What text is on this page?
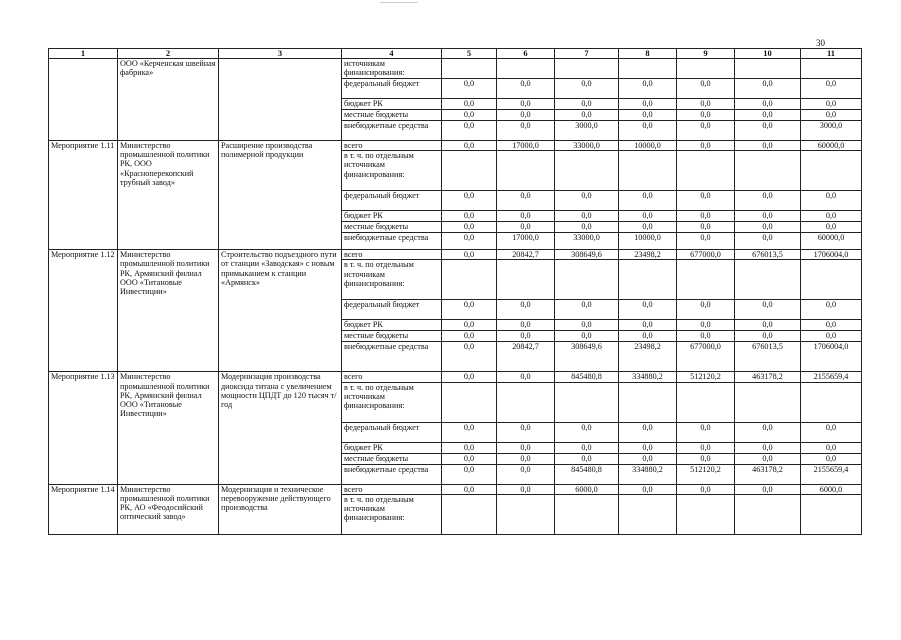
30
1	2	3	4	5	6	7	8	9	10	11
	ООО «Керченская швейная фабрика»		источникам финансирования:							
			федеральный бюджет	0,0	0,0	0,0	0,0	0,0	0,0	0,0
			бюджет РК	0,0	0,0	0,0	0,0	0,0	0,0	0,0
			местные бюджеты	0,0	0,0	0,0	0,0	0,0	0,0	0,0
			внебюджетные средства	0,0	0,0	3000,0	0,0	0,0	0,0	3000,0
Мероприятие 1.11	Министерство промышленной политики РК, ООО «Красноперекопский трубный завод»	Расширение производства полимерной продукции	всего	0,0	17000,0	33000,0	10000,0	0,0	0,0	60000,0
			в т. ч. по отдельным источникам финансирования:							
			федеральный бюджет	0,0	0,0	0,0	0,0	0,0	0,0	0,0
			бюджет РК	0,0	0,0	0,0	0,0	0,0	0,0	0,0
			местные бюджеты	0,0	0,0	0,0	0,0	0,0	0,0	0,0
			внебюджетные средства	0,0	17000,0	33000,0	10000,0	0,0	0,0	60000,0
Мероприятие 1.12	Министерство промышленной политики РК, Армянский филиал ООО «Титановые Инвестиции»	Строительство подъездного пути от станции «Заводская» с новым примыканием к станции «Армянск»	всего	0,0	20842,7	308649,6	23498,2	677000,0	676013,5	1706004,0
			в т. ч. по отдельным источникам финансирования:							
			федеральный бюджет	0,0	0,0	0,0	0,0	0,0	0,0	0,0
			бюджет РК	0,0	0,0	0,0	0,0	0,0	0,0	0,0
			местные бюджеты	0,0	0,0	0,0	0,0	0,0	0,0	0,0
			внебюджетные средства	0,0	20842,7	308649,6	23498,2	677000,0	676013,5	1706004,0
Мероприятие 1.13	Министерство промышленной политики РК, Армянский филиал ООО «Титановые Инвестиции»	Модернизация производства диоксида титана с увеличением мощности ЦПДТ до 120 тысяч т/год	всего	0,0	0,0	845480,8	334880,2	512120,2	463178,2	2155659,4
			в т. ч. по отдельным источникам финансирования:							
			федеральный бюджет	0,0	0,0	0,0	0,0	0,0	0,0	0,0
			бюджет РК	0,0	0,0	0,0	0,0	0,0	0,0	0,0
			местные бюджеты	0,0	0,0	0,0	0,0	0,0	0,0	0,0
			внебюджетные средства	0,0	0,0	845480,8	334880,2	512120,2	463178,2	2155659,4
Мероприятие 1.14	Министерство промышленной политики РК, АО «Феодосийский оптический завод»	Модернизация и техническое перевооружение действующего производства	всего	0,0	0,0	6000,0	0,0	0,0	0,0	6000,0
			в т. ч. по отдельным источникам финансирования:							
